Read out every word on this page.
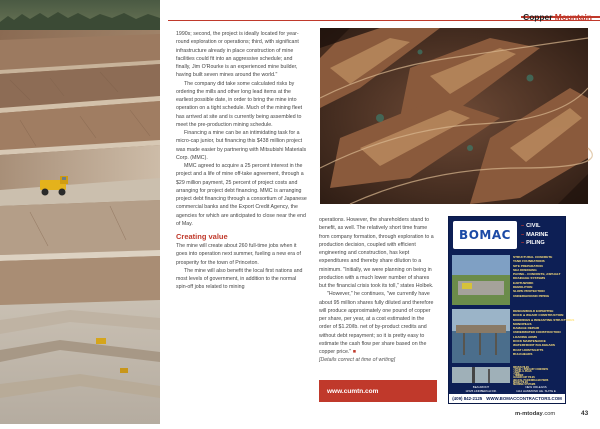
Copper Mountain

1990s; second, the project is ideally located for year-round exploration or operations; third, with significant infrastructure already in place construction of mine facilities could fit into an aggressive schedule; and finally, Jim O'Rourke is an experienced mine builder, having built seven mines around the world."

The company did take some calculated risks by ordering the mills and other long lead items at the earliest possible date, in order to bring the mine into operation on a tight schedule. Much of the mining fleet has arrived at site and is currently being assembled to meet the pre-production mining schedule.

Financing a mine can be an intimidating task for a micro-cap junior, but financing this $438 million project was made easier by partnering with Mitsubishi Materials Corp. (MMC).

MMC agreed to acquire a 25 percent interest in the project and a life of mine off-take agreement, through a $29 million payment, 25 percent of project costs and arranging for project debt financing. MMC is arranging project debt financing through a consortium of Japanese commercial banks and the Export Credit Agency, the agencies for which are anticipated to close near the end of May.

Creating value

The mine will create about 260 full-time jobs when it goes into operation next summer, fueling a new era of prosperity for the town of Princeton.

The mine will also benefit the local first nations and most levels of government, in addition to the normal spin-off jobs related to mining

operations. However, the shareholders stand to benefit, as well. The relatively short time frame from company formation, through exploration to a production decision, coupled with efficient engineering and construction, has kept expenditures and thereby share dilution to a minimum. "Initially, we were planning on being in production with a much lower number of shares but the financial crisis took its toll," states Holbek.

"However," he continues, "we currently have about 95 million shares fully diluted and therefore will produce approximately one pound of copper per share, per year, at a cost estimated in the order of $1.20/lb. net of by-product credits and without debt repayment; so it is pretty easy to estimate the cash flow per share based on the copper price." ■

[Details correct at time of writing]

www.cumtn.com
BOMAC
– CIVIL
– MARINE
– PILING
STRUCTURAL CONCRETE
TANK FOUNDATIONS
SITE PREPARATION
SEA DREDGING
PAVING - CONCRETE, ASPHALT
DRAINAGE SYSTEMS
EARTHWORK
DEMOLITION
SLOPE PROTECTION
UNDERGROUND PIPING
DESIGN/BUILD EXPERTISE
DOCK & WHARF CONSTRUCTION
MOORINGS & BREASTING STRUCTURES
MONOPILES
DAMAGE REPAIR
UNDERWATER CONSTRUCTION
LOADING ARMS
DOCK MAINTENANCE
WATERFRONT BULKHEADS
BOAT HOISTS/LIFTS
BULKHEADS
DRIVEN PILES
• STEEL / PRECAST CONCRETE
• STEEL H-PILES
• PIPE
• TIMBER
AUGERCAST PILES
HELICAL PILES/DRILLED PIERS
SHEET PILES
SHORING SYSTEMS
BEAUMONT
11525 LINDBERGH DR.
NEW ORLEANS
1112 HAMMOND HE. SUITE E
(409) 842-2125 WWW.BOMACCONTRACTORS.COM
m-mtoday.com	43
